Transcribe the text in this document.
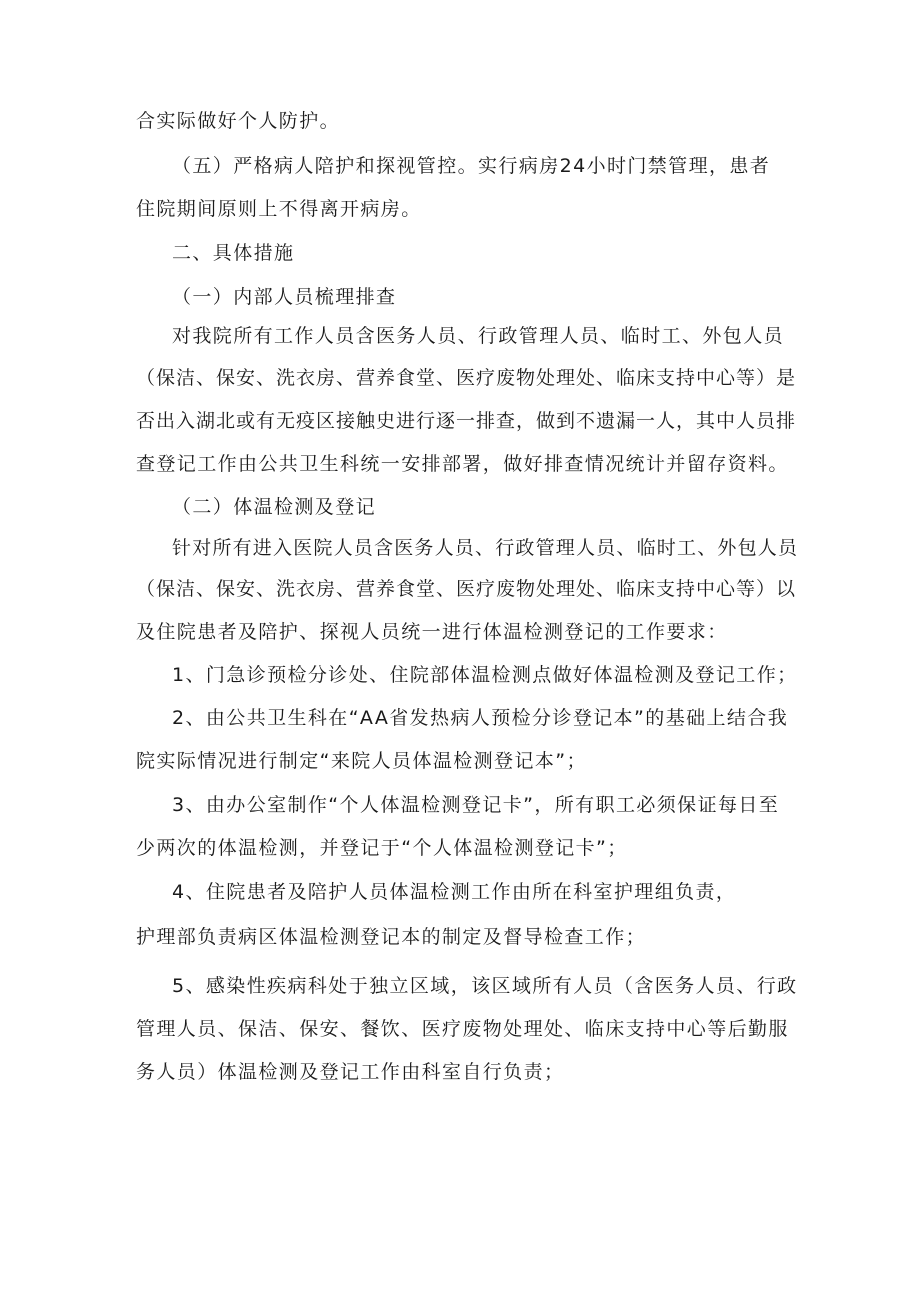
合实际做好个人防护。
（五）严格病人陪护和探视管控。实行病房24小时门禁管理，患者
住院期间原则上不得离开病房。
二、具体措施
（一）内部人员梳理排查
对我院所有工作人员含医务人员、行政管理人员、临时工、外包人员
（保洁、保安、洗衣房、营养食堂、医疗废物处理处、临床支持中心等）是
否出入湖北或有无疫区接触史进行逐一排查，做到不遗漏一人，其中人员排
查登记工作由公共卫生科统一安排部署，做好排查情况统计并留存资料。
（二）体温检测及登记
针对所有进入医院人员含医务人员、行政管理人员、临时工、外包人员
（保洁、保安、洗衣房、营养食堂、医疗废物处理处、临床支持中心等）以
及住院患者及陪护、探视人员统一进行体温检测登记的工作要求：
1、门急诊预检分诊处、住院部体温检测点做好体温检测及登记工作；
2、由公共卫生科在“AA省发热病人预检分诊登记本”的基础上结合我
院实际情况进行制定“来院人员体温检测登记本”；
3、由办公室制作“个人体温检测登记卡”，所有职工必须保证每日至
少两次的体温检测，并登记于“个人体温检测登记卡”；
4、住院患者及陪护人员体温检测工作由所在科室护理组负责，
护理部负责病区体温检测登记本的制定及督导检查工作；
5、感染性疾病科处于独立区域，该区域所有人员（含医务人员、行政
管理人员、保洁、保安、餐饮、医疗废物处理处、临床支持中心等后勤服
务人员）体温检测及登记工作由科室自行负责；
